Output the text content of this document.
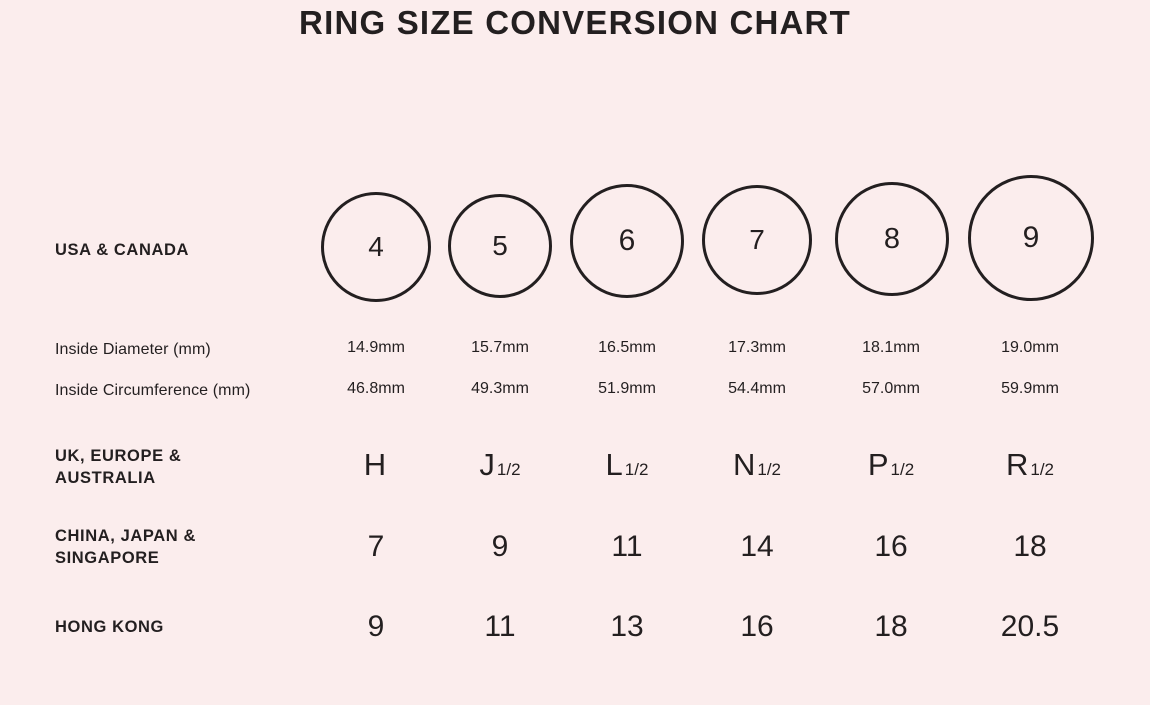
RING SIZE CONVERSION CHART
USA & CANADA	4	5	6	7	8	9
Inside Diameter (mm)	14.9mm	15.7mm	16.5mm	17.3mm	18.1mm	19.0mm
Inside Circumference (mm)	46.8mm	49.3mm	51.9mm	54.4mm	57.0mm	59.9mm
UK, EUROPE & AUSTRALIA	H	J 1/2	L 1/2	N 1/2	P 1/2	R 1/2
CHINA, JAPAN & SINGAPORE	7	9	11	14	16	18
HONG KONG	9	11	13	16	18	20.5
